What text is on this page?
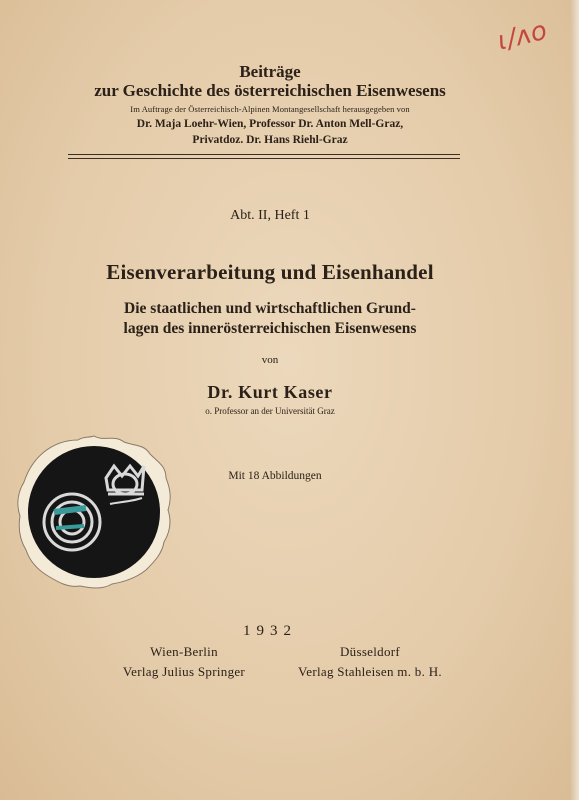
ɩ/ᴧo
Beiträge
zur Geschichte des österreichischen Eisenwesens
Im Auftrage der Österreichisch-Alpinen Montangesellschaft herausgegeben von
Dr. Maja Loehr-Wien, Professor Dr. Anton Mell-Graz,
Privatdoz. Dr. Hans Riehl-Graz
Abt. II, Heft 1
Eisenverarbeitung und Eisenhandel
Die staatlichen und wirtschaftlichen Grund-
lagen des innerösterreichischen Eisenwesens
von
Dr. Kurt Kaser
o. Professor an der Universität Graz
Mit 18 Abbildungen
1932
Wien-Berlin
Verlag Julius Springer
Düsseldorf
Verlag Stahleisen m. b. H.
